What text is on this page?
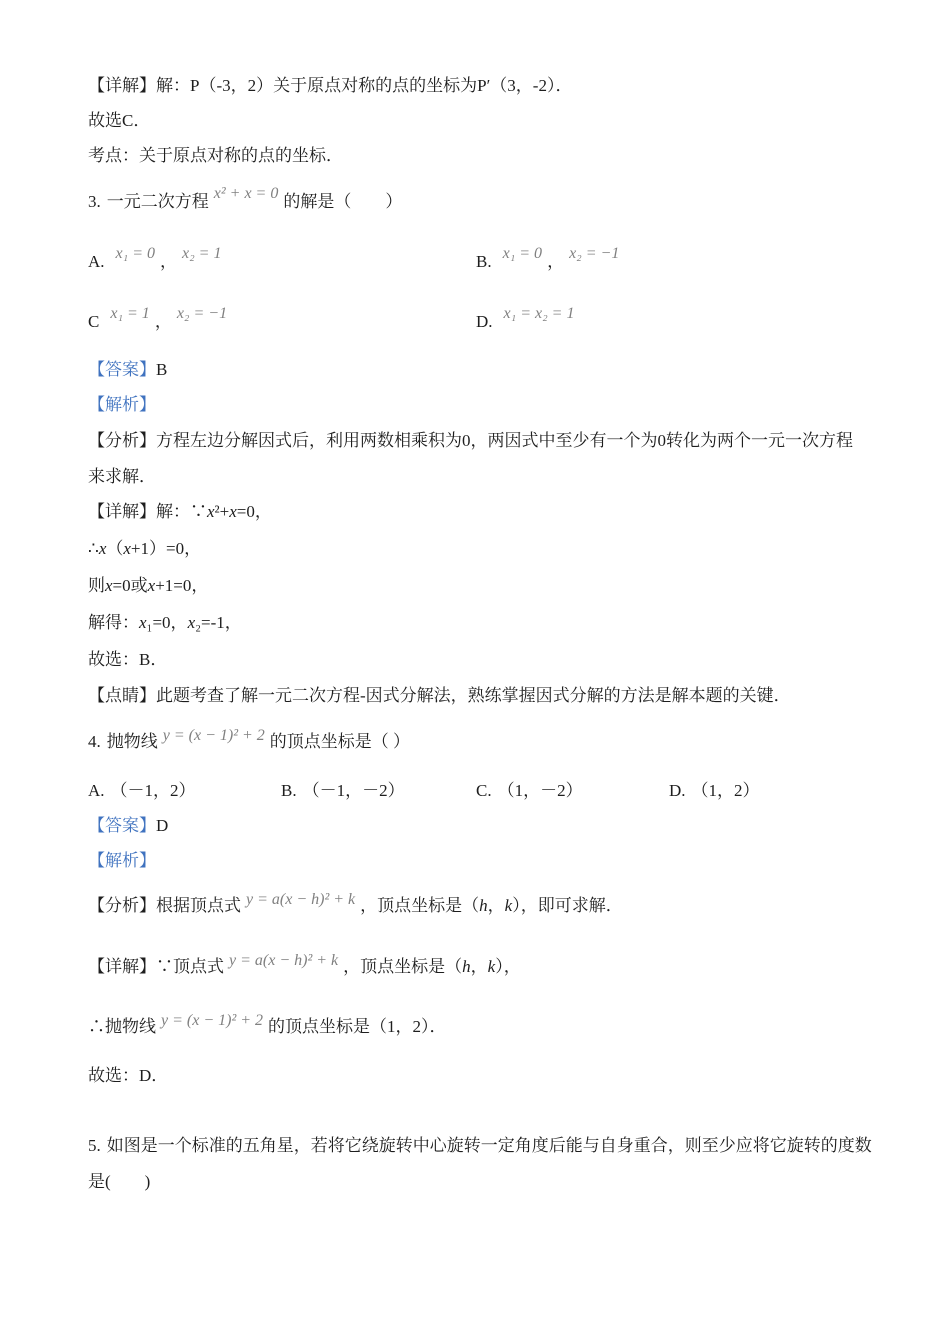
【详解】 解：P（-3，2）关于原点对称的点的坐标为P′（3，-2）．
故选C．
考点：关于原点对称的点的坐标．
3. 一元二次方程 x² + x = 0 的解是（　　）
A. x₁ = 0 ， x₂ = 1	B. x₁ = 0 ， x₂ = −1
C x₁ = 1 ， x₂ = −1	D. x₁ = x₂ = 1
【答案】 B
【解析】
【分析】 方程左边分解因式后，利用两数相乘积为0，两因式中至少有一个为0转化为两个一元一次方程
来求解．
【详解】 解：∵ x ²+ x =0，
∴ x （ x +1）=0，
则 x =0或 x +1=0，
解得： x ₁=0， x ₂=-1，
故选：B．
【点睛】 此题考查了解一元二次方程-因式分解法，熟练掌握因式分解的方法是解本题的关键．
4. 抛物线 y = (x − 1)² + 2 的顶点坐标是（ ）
A. （－1，2）	B. （－1，－2）	C. （1，－2）	D. （1，2）
【答案】 D
【解析】
【分析】 根据顶点式 y = a(x − h)² + k ，顶点坐标是（ h ， k ），即可求解．
【详解】 ∵顶点式 y = a(x − h)² + k ，顶点坐标是（ h ， k ），
∴抛物线 y = (x − 1)² + 2 的顶点坐标是（1，2）．
故选：D．
5. 如图是一个标准的五角星，若将它绕旋转中心旋转一定角度后能与自身重合，则至少应将它旋转的度数
是(　　)
